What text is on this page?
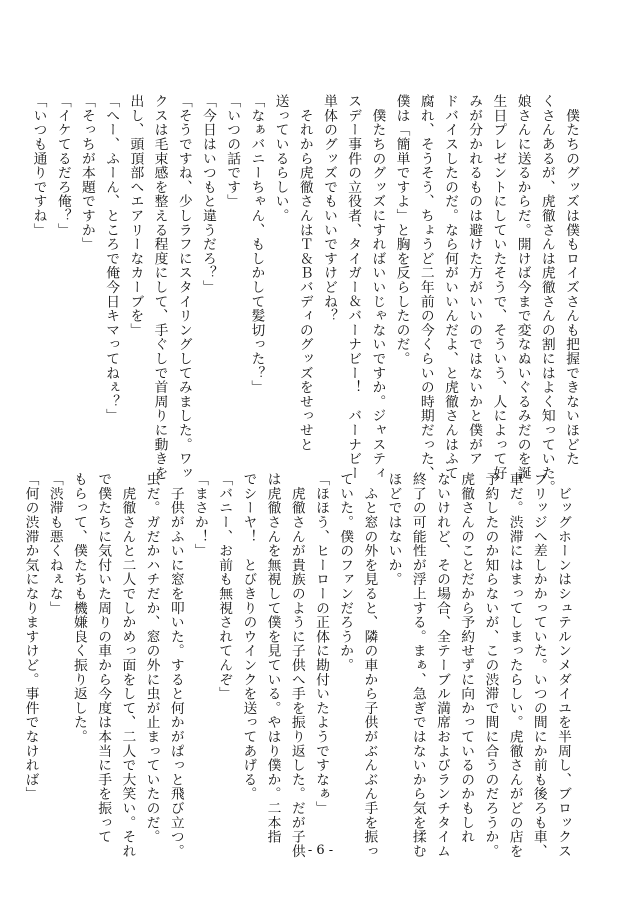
　僕たちのグッズは僕もロイズさんも把握できないほどた
くさんあるが、虎徹さんは虎徹さんの割にはよく知っていた。
娘さんに送るからだ。開けば今まで変なぬいぐるみだのを誕
生日プレゼントにしていたそうで、そういう、人によって好
みが分かれるものは避けた方がいいのではないかと僕がア
ドバイスしたのだ。なら何がいいんだよ、と虎徹さんはふて
腐れ、そうそう、ちょうど二年前の今くらいの時期だった、
僕は「簡単ですよ」と胸を反らしたのだ。
　僕たちのグッズにすればいいじゃないですか。ジャスティ
スデー事件の立役者、タイガー＆バーナビー！　バーナビー
単体のグッズでもいいですけどね？
　それから虎徹さんはＴ＆Ｂバディのグッズをせっせと
送っているらしい。
「なぁバニーちゃん、もしかして髪切った？」
「いつの話です」
「今日はいつもと違うだろ？」
「そうですね、少しラフにスタイリングしてみました。ワッ
クスは毛束感を整える程度にして、手ぐしで首周りに動きを
出し、頭頂部へエアリーなカーブを」
「へー、ふーん、ところで俺今日キマってねぇ？」
「そっちが本題ですか」
「イケてるだろ俺？」
「いつも通りですね」
　ビッグホーンはシュテルンメダイユを半周し、ブロックス
ブリッジへ差しかかっていた。いつの間にか前も後ろも車、
車だ。渋滞にはまってしまったらしい。虎徹さんがどの店を
予約したのか知らないが、この渋滞で間に合うのだろうか。
虎徹さんのことだから予約せずに向かっているのかもしれ
ないけれど、その場合、全テーブル満席およびランチタイム
終了の可能性が浮上する。まぁ、急ぎではないから気を揉む
ほどではないか。
　ふと窓の外を見ると、隣の車から子供がぶんぶん手を振っ
ていた。僕のファンだろうか。
「ほほう、ヒーローの正体に勘付いたようですなぁ」
　虎徹さんが貴族のように子供へ手を振り返した。だが子供
は虎徹さんを無視して僕を見ている。やはり僕か。二本指
でシーヤ！　とびきりのウインクを送ってあげる。
「バニー、お前も無視されてんぞ」
「まさか！」
　子供がふいに窓を叩いた。すると何かがぱっと飛び立つ。
虫だ。ガだかハチだか、窓の外に虫が止まっていたのだ。
　虎徹さんと二人でしかめっ面をして、二人で大笑い。それ
で僕たちに気付いた周りの車から今度は本当に手を振って
もらって、僕たちも機嫌良く振り返した。
「渋滞も悪くねぇな」
「何の渋滞か気になりますけど。事件でなければ」
- 6 -
